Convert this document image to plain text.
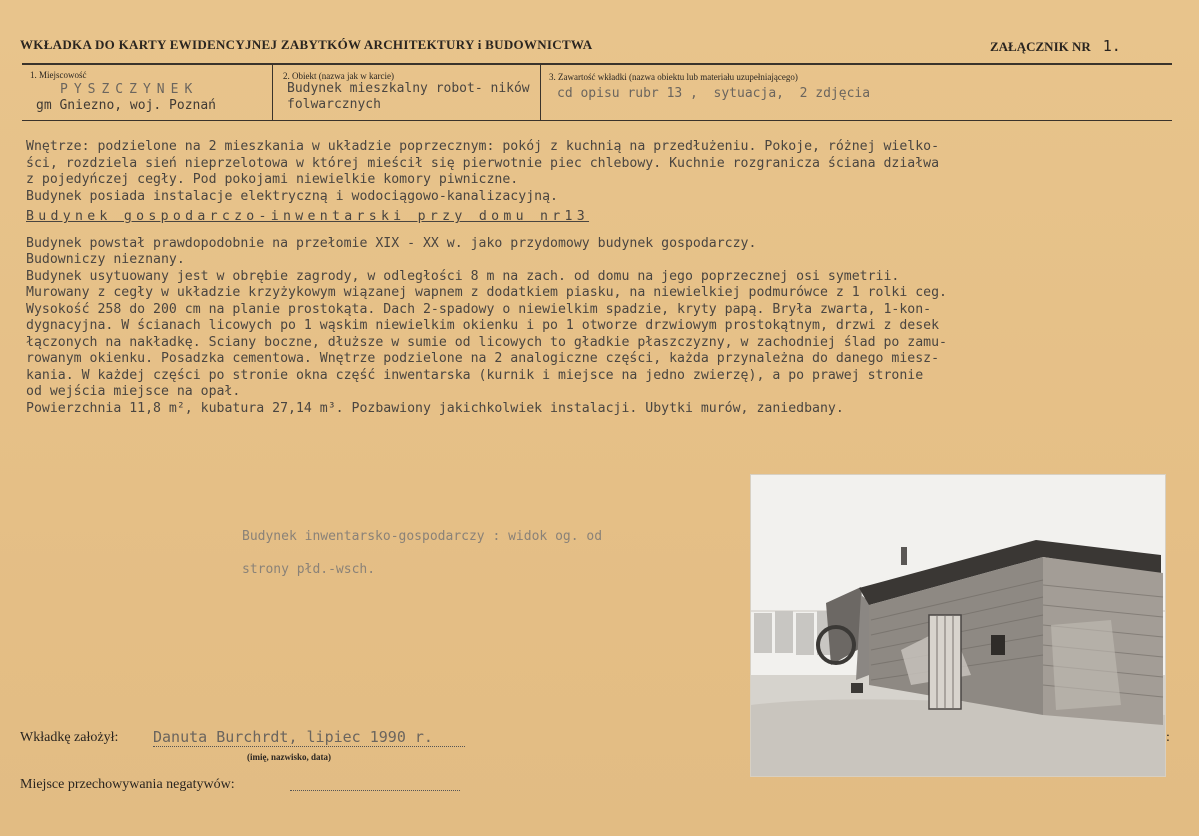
WKŁADKA DO KARTY EWIDENCYJNEJ ZABYTKÓW ARCHITEKTURY i BUDOWNICTWA	ZAŁĄCZNIK NR 1.
1. Miejscowość
PYSZCZYNEK
gm Gniezno, woj. Poznań
2. Obiekt (nazwa jak w karcie)
Budynek mieszkalny robot- ników folwarcznych
3. Zawartość wkładki (nazwa obiektu lub materiału uzupełniającego)
cd opisu rubr 13 ,  sytuacja,  2 zdjęcia
Wnętrze: podzielone na 2 mieszkania w układzie poprzecznym: pokój z kuchnią na przedłużeniu. Pokoje, różnej wielko-
ści, rozdziela sień nieprzelotowa w której mieścił się pierwotnie piec chlebowy. Kuchnie rozgranicza ściana działwa
z pojedyńczej cegły. Pod pokojami niewielkie komory piwniczne.
Budynek posiada instalacje elektryczną i wodociągowo-kanalizacyjną.
Budynek gospodarczo-inwentarski przy domu nr13
Budynek powstał prawdopodobnie na przełomie XIX - XX w. jako przydomowy budynek gospodarczy.
Budowniczy nieznany.
Budynek usytuowany jest w obrębie zagrody, w odległości 8 m na zach. od domu na jego poprzecznej osi symetrii.
Murowany z cegły w układzie krzyżykowym wiązanej wapnem z dodatkiem piasku, na niewielkiej podmurówce z 1 rolki ceg.
Wysokość 258 do 200 cm na planie prostokąta. Dach 2-spadowy o niewielkim spadzie, kryty papą. Bryła zwarta, 1-kon-
dygnacyjna. W ścianach licowych po 1 wąskim niewielkim okienku i po 1 otworze drzwiowym prostokątnym, drzwi z desek
łączonych na nakładkę. Ściany boczne, dłuższe w sumie od licowych to gładkie płaszczyzny, w zachodniej ślad po zamu-
rowanym okienku. Posadzka cementowa. Wnętrze podzielone na 2 analogiczne części, każda przynależna do danego miesz-
kania. W każdej części po stronie okna część inwentarska (kurnik i miejsce na jedno zwierzę), a po prawej stronie
od wejścia miejsce na opał.
Powierzchnia 11,8 m², kubatura 27,14 m³. Pozbawiony jakichkolwiek instalacji. Ubytki murów, zaniedbany.
Budynek inwentarsko-gospodarczy : widok og. od
strony płd.-wsch.
Wkładkę założył: Danuta Burchrdt, lipiec 1990 r.
(imię, nazwisko, data)
:
Miejsce przechowywania negatywów:
